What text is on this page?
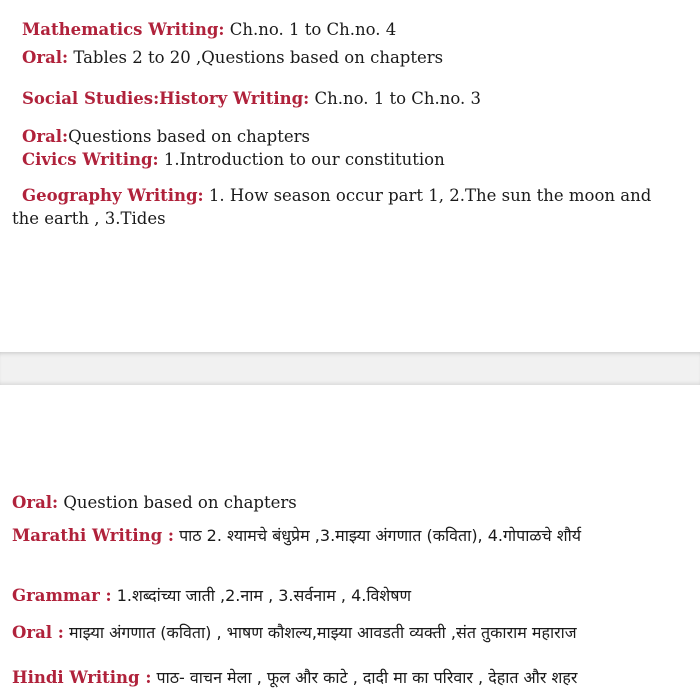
Mathematics Writing: Ch.no. 1 to Ch.no. 4

Oral: Tables 2 to 20 ,Questions based on chapters

Social Studies:History Writing: Ch.no. 1 to Ch.no. 3

Oral:Questions based on chapters

Civics Writing: 1.Introduction to our constitution

Geography Writing: 1. How season occur part 1, 2.The sun the moon and the earth , 3.Tides

Oral: Question based on chapters

Marathi Writing : पाठ 2. श्यामचे बंधुप्रेम ,3.माझ्या अंगणात (कविता), 4.गोपाळचे शौर्य

Grammar : 1.शब्दांच्या जाती ,2.नाम , 3.सर्वनाम , 4.विशेषण

Oral : माझ्या अंगणात (कविता) , भाषण कौशल्य,माझ्या आवडती व्यक्ती ,संत तुकाराम महाराज

Hindi Writing : पाठ- वाचन मेला , फूल और काटे , दादी मा का परिवार , देहात और शहर
